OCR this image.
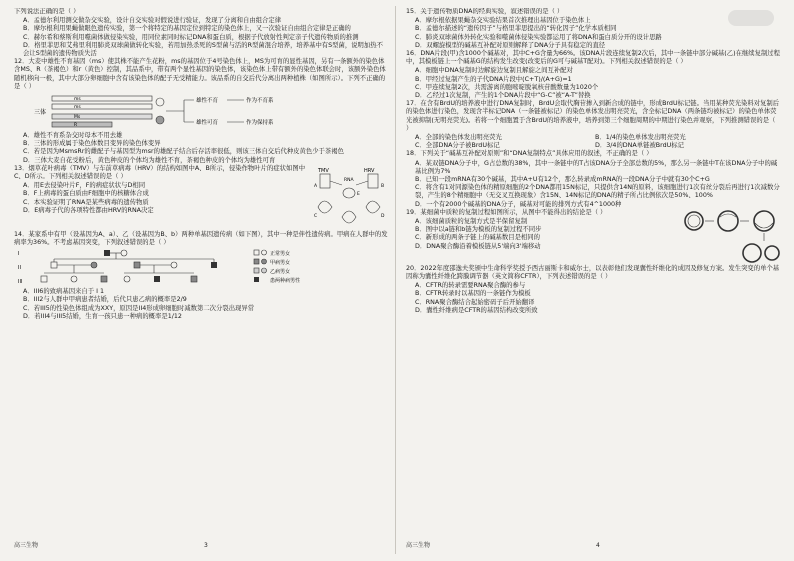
下列说法正确的是（ ）
A．孟德尔利用测交做杂交实验，设计自交实验对假说进行验证，发现了分离和自由组合定律
B．摩尔根利用果蝇做眼色遗传实验，第一个将特定的基因定位到特定的染色体上，又一次验证自由组合定律是正确的
C．赫尔希和蔡斯利用噬菌体做侵染实验，用同位素同时标记DNA和蛋白质，根据子代放射性判定亲子代遗传物质的推测
D．格里菲思和艾弗里利用肺炎双球菌做转化实验，若用加热杀死的S型菌与活的R型菌混合培养，培养基中有S型菌，说明加热不会让S型菌的遗传物质失活
12．大麦中雄性不育基因（ms）使其株不能产生花粉，ms的基因位于4号染色体上，MS为可育的显性基因，另有一条额外的染色体含MS、R（茶褐色）和r（黄色）控制，其品系中，带有两个显性基因的染色体，该染色体上带有额外的染色体联会时，该额外染色体随机移向一极，其中大部分卵细胞中含有该染色体的配子无受精能力。该品系的自交后代分离出两种植株（如图所示）。下列不正确的是（ ）
三体
ms
ms
Ms
R
雄性不育	作为不育系
雄性可育	作为保持系
A．雄性不育系杂交时母本不用去雄
B．三体的形成属于染色体数目变异的染色体变异
C．若是因为MsmsRr的雌配子与基因型为msr的雄配子结合后存活率很低，则该三体自交后代种皮黄色少于茶褐色
D．三体大麦自花受粉后，黄色种皮的个体均为雄性不育，茶褐色种皮的个体均为雄性可育
13．烟草花叶病毒（TMV）与车前草病毒（HRV）的结构如图中A、B所示，侵染作物叶片的症状如图中C、D所示。下列相关叙述错误的是（ ）
A．用E去侵染叶片F，F的病症状状与D相同
B．F上病毒的蛋白质由F细胞中的核糖体合成
C．本实验证明了RNA是某些病毒的遗传物质
D．E病毒子代的各项特性都由HRV的RNA决定
TMV	HRV
RNA
A	B
C	D
E
14．某家系中有甲（设基因为A、a）、乙（设基因为B、b）两种单基因遗传病（如下图），其中一种是伴性遗传病。甲病在人群中的发病率为36%。不考虑基因突变，下列叙述错误的是（ ）
I
II
III
正常男女
甲病男女
乙病男女
患两种病男性
A．III6的致病基因来自于 I 1
B．III2与人群中甲病患者结婚，后代只患乙病的概率是2/9
C．若III5的性染色体组成为XXY，原因是II4形成卵细胞时减数第二次分裂出现异常
D．若III4与III5结婚，生育一孩只患一种病的概率是1/12
高三生物	3
15．关于遗传物质DNA的经典实验，叙述错误的是（ ）
A．摩尔根依据果蝇杂交实验结果首次推理出基因位于染色体上
B．孟德尔描述的“遗传因子”与格里菲思提出的“转化因子”化学本质相同
C．肺炎双球菌体外转化实验和噬菌体侵染实验都运用了将DNA和蛋白质分开的设计思路
D．双螺旋模型的碱基互补配对原则解释了DNA分子具有稳定的直径
16．DNA片段(甲)含1000个碱基对，其中C+G含量为66%。该DNA片段连续复制2次后，其中一条链中部分碱基(乙)在继续复制过程中，其模板链上一个碱基G的结构发生改变(改变后的G可与碱基T配对)。下列相关叙述错误的是（ ）
A．细胞中DNA复制时边解旋边复制且解旋之间互补配对
B．甲经过复制产生的子代DNA片段中(C+T)/(A+G)=1
C．甲连续复制2次，共需游离的胞嘧啶脱氧核苷酸数量为1020个
D．乙经过1次复制，产生的1个DNA片段中“G-C”被“A-T”替换
17．在含有BrdU的培养液中进行DNA复制时，BrdU会取代胸苷掺入到新合成的链中，形成BrdU标记链。当用某种荧光染料对复制后的染色体进行染色，发现含半标记DNA（一条链被标记）的染色单体发出明亮荧光，含全标记DNA（两条链均被标记）的染色单体荧光被抑制(无明亮荧光)。若将一个细胞置于含BrdU的培养液中，培养到第三个细胞周期的中期进行染色并观察，下列推测错误的是（ ）
A．全部的染色体发出明亮荧光	B．1/4的染色单体发出明亮荧光
C．全部DNA分子被BrdU标记	D．3/4的DNA单链被BrdU标记
18．下列关于“碱基互补配对原则”和“DNA复制特点”具体应用的叙述，不正确的是（ ）
A．某双链DNA分子中，G占总数的38%，其中一条链中的T占该DNA分子全部总数的5%，那么另一条链中T在该DNA分子中的碱基比例为7%
B．已知一段mRNA有30个碱基，其中A+U有12个，那么转录成mRNA的一段DNA分子中就有30个C+G
C．将含有1对同源染色体的精原细胞的2个DNA都用15N标记，只提供含14N的原料，该细胞进行1次有丝分裂后再进行1次减数分裂，产生的8个精细胞中（无交叉互换现象）含15N、14N标记的DNA的精子所占比例依次是50%、100%
D．一个有2000个碱基的DNA分子，碱基对可能的排列方式有4^1000种
19．某细菌中质粒的复制过程如图所示，从图中不能得出的结论是（ ）
A．该细菌质粒的复制方式是半保留复制
B．图中以a链和b链为模板的复制过程不同步
C．新形成的两条子链上的碱基数目是相同的
D．DNA聚合酶沿着模板链从5'端向3'端移动
20．2022年度邵逸夫奖颁中生命科学奖授予西古丽斯卡和威尔士，以表彰他们发现囊性纤维化的成因及修复方案。发生突变的单个基因称为囊性纤维化跨膜调节器（英文简称CFTR），下列表述错误的是（ ）
A．CFTR的转录需要RNA聚合酶的参与
B．CFTR转录时以基因的一条链作为模板
C．RNA聚合酶结合起始密码子后开始翻译
D．囊性纤维病是CFTR的基因结构改变所致
高三生物	4
